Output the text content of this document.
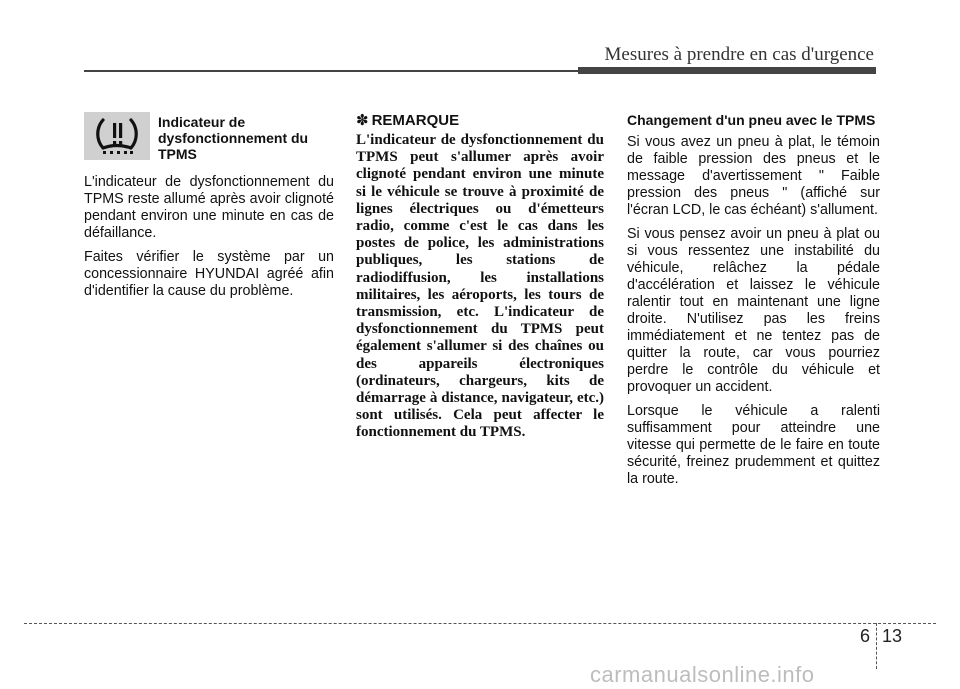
Mesures à prendre en cas d'urgence
Indicateur de dysfonctionnement du TPMS

L'indicateur de dysfonctionnement du TPMS reste allumé après avoir clignoté pendant environ une minute en cas de défaillance.

Faites vérifier le système par un concessionnaire HYUNDAI agréé afin d'identifier la cause du problème.

✽ REMARQUE

L'indicateur de dysfonctionnement du TPMS peut s'allumer après avoir clignoté pendant environ une minute si le véhicule se trouve à proximité de lignes électriques ou d'émetteurs radio, comme c'est le cas dans les postes de police, les administrations publiques, les stations de radiodiffusion, les installations militaires, les aéroports, les tours de transmission, etc. L'indicateur de dysfonctionnement du TPMS peut également s'allumer si des chaînes ou des appareils électroniques (ordinateurs, chargeurs, kits de démarrage à distance, navigateur, etc.) sont utilisés. Cela peut affecter le fonctionnement du TPMS.

Changement d'un pneu avec le TPMS

Si vous avez un pneu à plat, le témoin de faible pression des pneus et le message d'avertissement " Faible pression des pneus " (affiché sur l'écran LCD, le cas échéant) s'allument.

Si vous pensez avoir un pneu à plat ou si vous ressentez une instabilité du véhicule, relâchez la pédale d'accélération et laissez le véhicule ralentir tout en maintenant une ligne droite. N'utilisez pas les freins immédiatement et ne tentez pas de quitter la route, car vous pourriez perdre le contrôle du véhicule et provoquer un accident.

Lorsque le véhicule a ralenti suffisamment pour atteindre une vitesse qui permette de le faire en toute sécurité, freinez prudemment et quittez la route.

6 13
carmanualsonline.info
